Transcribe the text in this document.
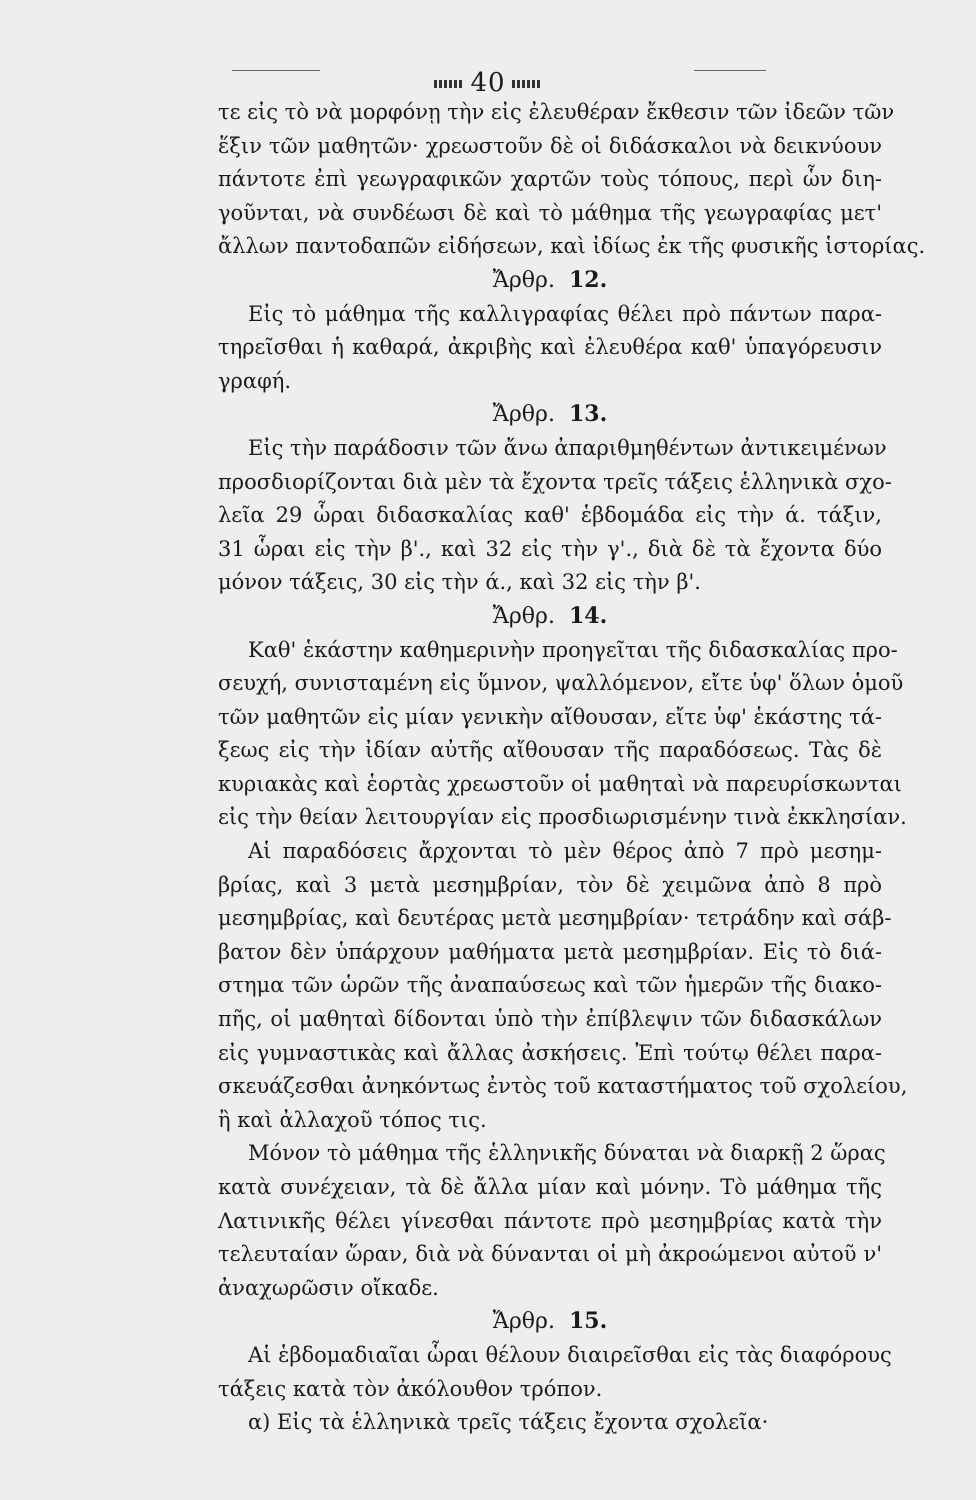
40
τε εἰς τὸ νὰ μορφόνῃ τὴν εἰς ἐλευθέραν ἔκθεσιν τῶν ἰδεῶν τῶν
ἕξιν τῶν μαθητῶν· χρεωστοῦν δὲ οἱ διδάσκαλοι νὰ δεικνύουν
πάντοτε ἐπὶ γεωγραφικῶν χαρτῶν τοὺς τόπους, περὶ ὧν διη-
γοῦνται, νὰ συνδέωσι δὲ καὶ τὸ μάθημα τῆς γεωγραφίας μετ'
ἄλλων παντοδαπῶν εἰδήσεων, καὶ ἰδίως ἐκ τῆς φυσικῆς ἱστορίας.
Ἄρθρ. 12.
Εἰς τὸ μάθημα τῆς καλλιγραφίας θέλει πρὸ πάντων παρα-
τηρεῖσθαι ἡ καθαρά, ἀκριβὴς καὶ ἐλευθέρα καθ' ὑπαγόρευσιν
γραφή.
Ἄρθρ. 13.
Εἰς τὴν παράδοσιν τῶν ἄνω ἀπαριθμηθέντων ἀντικειμένων
προσδιορίζονται διὰ μὲν τὰ ἔχοντα τρεῖς τάξεις ἑλληνικὰ σχο-
λεῖα 29 ὧραι διδασκαλίας καθ' ἑβδομάδα εἰς τὴν ά. τάξιν,
31 ὧραι εἰς τὴν β'., καὶ 32 εἰς τὴν γ'., διὰ δὲ τὰ ἔχοντα δύο
μόνον τάξεις, 30 εἰς τὴν ά., καὶ 32 εἰς τὴν β'.
Ἄρθρ. 14.
Καθ' ἑκάστην καθημερινὴν προηγεῖται τῆς διδασκαλίας προ-
σευχή, συνισταμένη εἰς ὕμνον, ψαλλόμενον, εἴτε ὑφ' ὅλων ὁμοῦ
τῶν μαθητῶν εἰς μίαν γενικὴν αἴθουσαν, εἴτε ὑφ' ἑκάστης τά-
ξεως εἰς τὴν ἰδίαν αὐτῆς αἴθουσαν τῆς παραδόσεως. Τὰς δὲ
κυριακὰς καὶ ἑορτὰς χρεωστοῦν οἱ μαθηταὶ νὰ παρευρίσκωνται
εἰς τὴν θείαν λειτουργίαν εἰς προσδιωρισμένην τινὰ ἐκκλησίαν.
Αἱ παραδόσεις ἄρχονται τὸ μὲν θέρος ἀπὸ 7 πρὸ μεσημ-
βρίας, καὶ 3 μετὰ μεσημβρίαν, τὸν δὲ χειμῶνα ἀπὸ 8 πρὸ
μεσημβρίας, καὶ δευτέρας μετὰ μεσημβρίαν· τετράδην καὶ σάβ-
βατον δὲν ὑπάρχουν μαθήματα μετὰ μεσημβρίαν. Εἰς τὸ διά-
στημα τῶν ὡρῶν τῆς ἀναπαύσεως καὶ τῶν ἡμερῶν τῆς διακο-
πῆς, οἱ μαθηταὶ δίδονται ὑπὸ τὴν ἐπίβλεψιν τῶν διδασκάλων
εἰς γυμναστικὰς καὶ ἄλλας ἀσκήσεις. Ἐπὶ τούτῳ θέλει παρα-
σκευάζεσθαι ἀνηκόντως ἐντὸς τοῦ καταστήματος τοῦ σχολείου,
ἢ καὶ ἀλλαχοῦ τόπος τις.
Μόνον τὸ μάθημα τῆς ἑλληνικῆς δύναται νὰ διαρκῇ 2 ὥρας
κατὰ συνέχειαν, τὰ δὲ ἄλλα μίαν καὶ μόνην. Τὸ μάθημα τῆς
Λατινικῆς θέλει γίνεσθαι πάντοτε πρὸ μεσημβρίας κατὰ τὴν
τελευταίαν ὥραν, διὰ νὰ δύνανται οἱ μὴ ἀκροώμενοι αὐτοῦ ν'
ἀναχωρῶσιν οἴκαδε.
Ἄρθρ. 15.
Αἱ ἑβδομαδιαῖαι ὧραι θέλουν διαιρεῖσθαι εἰς τὰς διαφόρους
τάξεις κατὰ τὸν ἀκόλουθον τρόπον.
α) Εἰς τὰ ἑλληνικὰ τρεῖς τάξεις ἔχοντα σχολεῖα·
